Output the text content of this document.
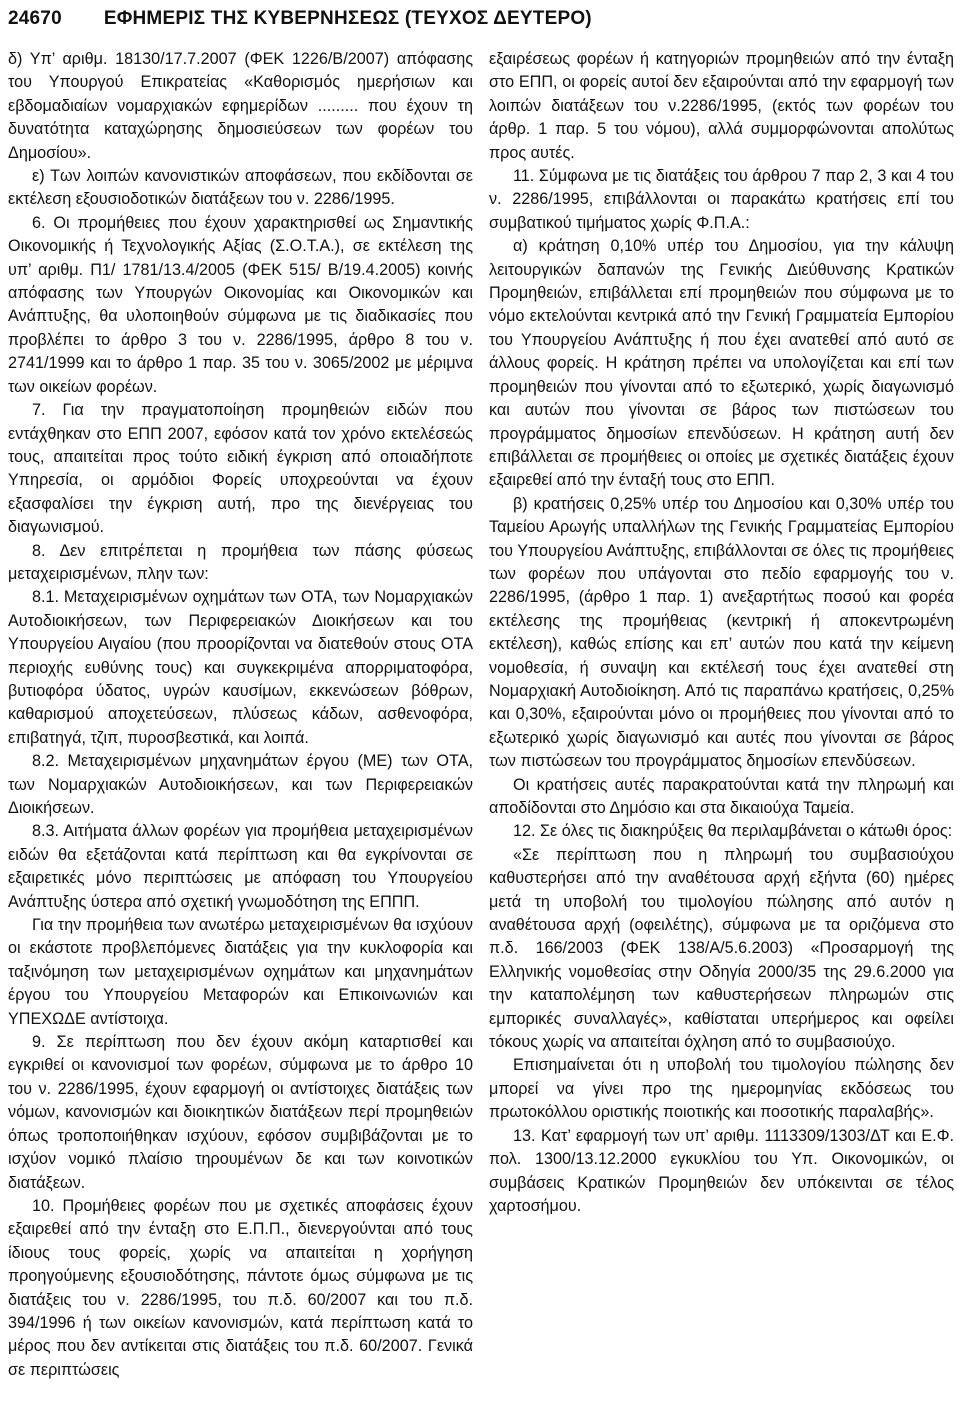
24670 ΕΦΗΜΕΡΙΣ ΤΗΣ ΚΥΒΕΡΝΗΣΕΩΣ (ΤΕΥΧΟΣ ΔΕΥΤΕΡΟ)

δ) Υπ’ αριθμ. 18130/17.7.2007 (ΦΕΚ 1226/Β/2007) απόφασης του Υπουργού Επικρατείας «Καθορισμός ημερήσιων και εβδομαδιαίων νομαρχιακών εφημερίδων ......... που έχουν τη δυνατότητα καταχώρησης δημοσιεύσεων των φορέων του Δημοσίου».

ε) Των λοιπών κανονιστικών αποφάσεων, που εκδίδονται σε εκτέλεση εξουσιοδοτικών διατάξεων του ν. 2286/1995.

6. Οι προμήθειες που έχουν χαρακτηρισθεί ως Σημαντικής Οικονομικής ή Τεχνολογικής Αξίας (Σ.Ο.Τ.Α.), σε εκτέλεση της υπ’ αριθμ. Π1/ 1781/13.4/2005 (ΦΕΚ 515/ Β/19.4.2005) κοινής απόφασης των Υπουργών Οικονομίας και Οικονομικών και Ανάπτυξης, θα υλοποιηθούν σύμφωνα με τις διαδικασίες που προβλέπει το άρθρο 3 του ν. 2286/1995, άρθρο 8 του ν. 2741/1999 και το άρθρο 1 παρ. 35 του ν. 3065/2002 με μέριμνα των οικείων φορέων.

7. Για την πραγματοποίηση προμηθειών ειδών που εντάχθηκαν στο ΕΠΠ 2007, εφόσον κατά τον χρόνο εκτελέσεώς τους, απαιτείται προς τούτο ειδική έγκριση από οποιαδήποτε Υπηρεσία, οι αρμόδιοι Φορείς υποχρεούνται να έχουν εξασφαλίσει την έγκριση αυτή, προ της διενέργειας του διαγωνισμού.

8. Δεν επιτρέπεται η προμήθεια των πάσης φύσεως μεταχειρισμένων, πλην των:

8.1. Μεταχειρισμένων οχημάτων των ΟΤΑ, των Νομαρχιακών Αυτοδιοικήσεων, των Περιφερειακών Διοικήσεων και του Υπουργείου Αιγαίου (που προορίζονται να διατεθούν στους ΟΤΑ περιοχής ευθύνης τους) και συγκεκριμένα απορριματοφόρα, βυτιοφόρα ύδατος, υγρών καυσίμων, εκκενώσεων βόθρων, καθαρισμού αποχετεύσεων, πλύσεως κάδων, ασθενοφόρα, επιβατηγά, τζιπ, πυροσβεστικά, και λοιπά.

8.2. Μεταχειρισμένων μηχανημάτων έργου (ΜΕ) των ΟΤΑ, των Νομαρχιακών Αυτοδιοικήσεων, και των Περιφερειακών Διοικήσεων.

8.3. Αιτήματα άλλων φορέων για προμήθεια μεταχειρισμένων ειδών θα εξετάζονται κατά περίπτωση και θα εγκρίνονται σε εξαιρετικές μόνο περιπτώσεις με απόφαση του Υπουργείου Ανάπτυξης ύστερα από σχετική γνωμοδότηση της ΕΠΠΠ.

Για την προμήθεια των ανωτέρω μεταχειρισμένων θα ισχύουν οι εκάστοτε προβλεπόμενες διατάξεις για την κυκλοφορία και ταξινόμηση των μεταχειρισμένων οχημάτων και μηχανημάτων έργου του Υπουργείου Μεταφορών και Επικοινωνιών και ΥΠΕΧΩΔΕ αντίστοιχα.

9. Σε περίπτωση που δεν έχουν ακόμη καταρτισθεί και εγκριθεί οι κανονισμοί των φορέων, σύμφωνα με το άρθρο 10 του ν. 2286/1995, έχουν εφαρμογή οι αντίστοιχες διατάξεις των νόμων, κανονισμών και διοικητικών διατάξεων περί προμηθειών όπως τροποποιήθηκαν ισχύουν, εφόσον συμβιβάζονται με το ισχύον νομικό πλαίσιο τηρουμένων δε και των κοινοτικών διατάξεων.

10. Προμήθειες φορέων που με σχετικές αποφάσεις έχουν εξαιρεθεί από την ένταξη στο Ε.Π.Π., διενεργούνται από τους ίδιους τους φορείς, χωρίς να απαιτείται η χορήγηση προηγούμενης εξουσιοδότησης, πάντοτε όμως σύμφωνα με τις διατάξεις του ν. 2286/1995, του π.δ. 60/2007 και του π.δ. 394/1996 ή των οικείων κανονισμών, κατά περίπτωση κατά το μέρος που δεν αντίκειται στις διατάξεις του π.δ. 60/2007. Γενικά σε περιπτώσεις

εξαιρέσεως φορέων ή κατηγοριών προμηθειών από την ένταξη στο ΕΠΠ, οι φορείς αυτοί δεν εξαιρούνται από την εφαρμογή των λοιπών διατάξεων του ν.2286/1995, (εκτός των φορέων του άρθρ. 1 παρ. 5 του νόμου), αλλά συμμορφώνονται απολύτως προς αυτές.

11. Σύμφωνα με τις διατάξεις του άρθρου 7 παρ 2, 3 και 4 του ν. 2286/1995, επιβάλλονται οι παρακάτω κρατήσεις επί του συμβατικού τιμήματος χωρίς Φ.Π.Α.:

α) κράτηση 0,10% υπέρ του Δημοσίου, για την κάλυψη λειτουργικών δαπανών της Γενικής Διεύθυνσης Κρατικών Προμηθειών, επιβάλλεται επί προμηθειών που σύμφωνα με το νόμο εκτελούνται κεντρικά από την Γενική Γραμματεία Εμπορίου του Υπουργείου Ανάπτυξης ή που έχει ανατεθεί από αυτό σε άλλους φορείς. Η κράτηση πρέπει να υπολογίζεται και επί των προμηθειών που γίνονται από το εξωτερικό, χωρίς διαγωνισμό και αυτών που γίνονται σε βάρος των πιστώσεων του προγράμματος δημοσίων επενδύσεων. Η κράτηση αυτή δεν επιβάλλεται σε προμήθειες οι οποίες με σχετικές διατάξεις έχουν εξαιρεθεί από την ένταξή τους στο ΕΠΠ.

β) κρατήσεις 0,25% υπέρ του Δημοσίου και 0,30% υπέρ του Ταμείου Αρωγής υπαλλήλων της Γενικής Γραμματείας Εμπορίου του Υπουργείου Ανάπτυξης, επιβάλλονται σε όλες τις προμήθειες των φορέων που υπάγονται στο πεδίο εφαρμογής του ν. 2286/1995, (άρθρο 1 παρ. 1) ανεξαρτήτως ποσού και φορέα εκτέλεσης της προμήθειας (κεντρική ή αποκεντρωμένη εκτέλεση), καθώς επίσης και επ’ αυτών που κατά την κείμενη νομοθεσία, ή συναψη και εκτέλεσή τους έχει ανατεθεί στη Νομαρχιακή Αυτοδιοίκηση. Από τις παραπάνω κρατήσεις, 0,25% και 0,30%, εξαιρούνται μόνο οι προμήθειες που γίνονται από το εξωτερικό χωρίς διαγωνισμό και αυτές που γίνονται σε βάρος των πιστώσεων του προγράμματος δημοσίων επενδύσεων.

Οι κρατήσεις αυτές παρακρατούνται κατά την πληρωμή και αποδίδονται στο Δημόσιο και στα δικαιούχα Ταμεία.

12. Σε όλες τις διακηρύξεις θα περιλαμβάνεται ο κάτωθι όρος:

«Σε περίπτωση που η πληρωμή του συμβασιούχου καθυστερήσει από την αναθέτουσα αρχή εξήντα (60) ημέρες μετά τη υποβολή του τιμολογίου πώλησης από αυτόν η αναθέτουσα αρχή (οφειλέτης), σύμφωνα με τα οριζόμενα στο π.δ. 166/2003 (ΦΕΚ 138/Α/5.6.2003) «Προσαρμογή της Ελληνικής νομοθεσίας στην Οδηγία 2000/35 της 29.6.2000 για την καταπολέμηση των καθυστερήσεων πληρωμών στις εμπορικές συναλλαγές», καθίσταται υπερήμερος και οφείλει τόκους χωρίς να απαιτείται όχληση από το συμβασιούχο.

Επισημαίνεται ότι η υποβολή του τιμολογίου πώλησης δεν μπορεί να γίνει προ της ημερομηνίας εκδόσεως του πρωτοκόλλου οριστικής ποιοτικής και ποσοτικής παραλαβής».

13. Κατ’ εφαρμογή των υπ’ αριθμ. 1113309/1303/ΔΤ και Ε.Φ. πολ. 1300/13.12.2000 εγκυκλίου του Υπ. Οικονομικών, οι συμβάσεις Κρατικών Προμηθειών δεν υπόκεινται σε τέλος χαρτοσήμου.
